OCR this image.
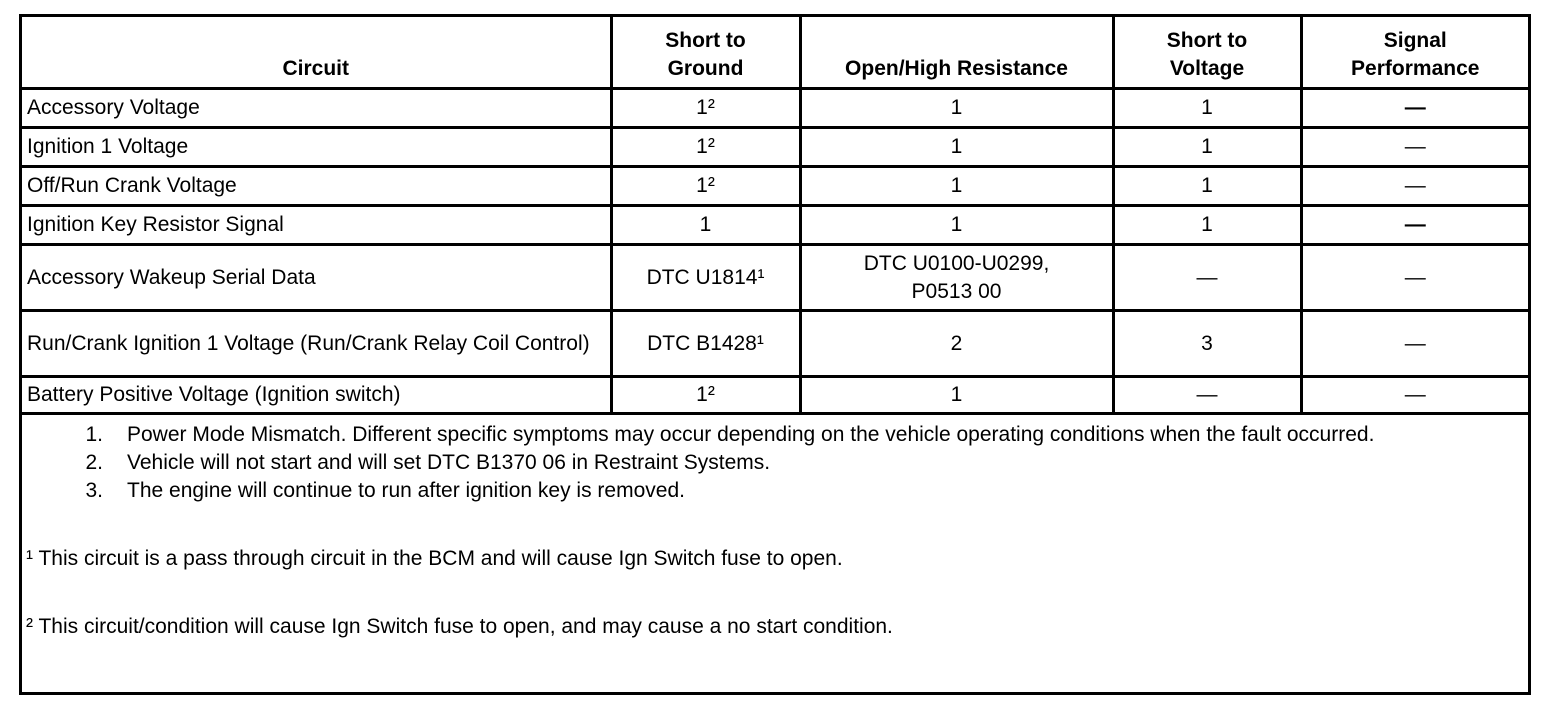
Circuit	Short to Ground	Open/High Resistance	Short to Voltage	Signal Performance
Accessory Voltage	1²	1	1	—
Ignition 1 Voltage	1²	1	1	—
Off/Run Crank Voltage	1²	1	1	—
Ignition Key Resistor Signal	1	1	1	—
Accessory Wakeup Serial Data	DTC U1814¹	DTC U0100-U0299, P0513 00	—	—
Run/Crank Ignition 1 Voltage (Run/Crank Relay Coil Control)	DTC B1428¹	2	3	—
Battery Positive Voltage (Ignition switch)	1²	1	—	—
1.	Power Mode Mismatch. Different specific symptoms may occur depending on the vehicle operating conditions when the fault occurred.
2.	Vehicle will not start and will set DTC B1370 06 in Restraint Systems.
3.	The engine will continue to run after ignition key is removed.
¹ This circuit is a pass through circuit in the BCM and will cause Ign Switch fuse to open.
² This circuit/condition will cause Ign Switch fuse to open, and may cause a no start condition.
